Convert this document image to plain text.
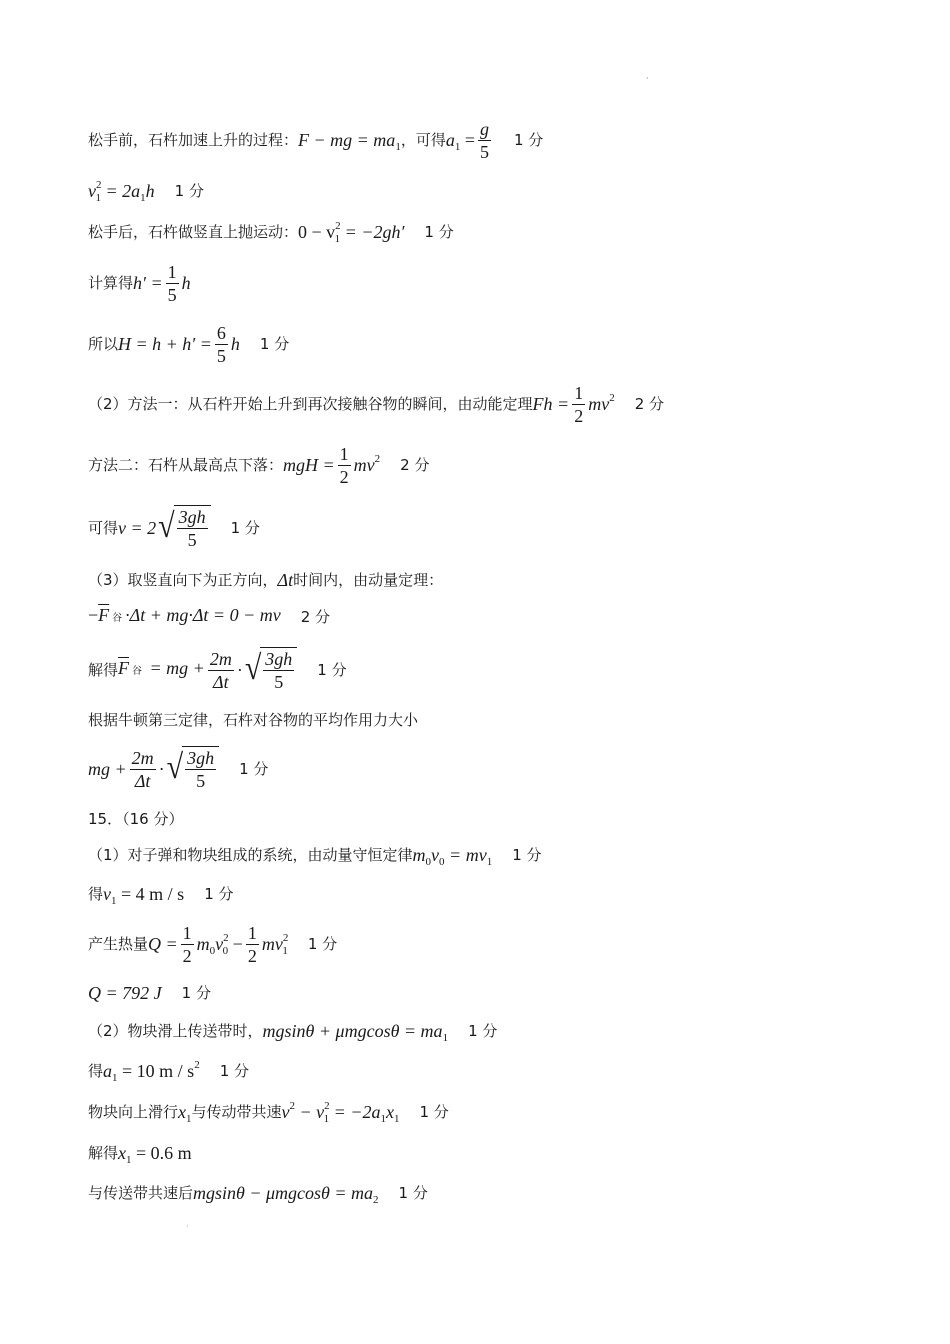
·
松手前，石杵加速上升的过程： F − mg = $ma_1$ ，可得 $a_1 = \frac{g}{5} 1$ 分
$v^2_1 = 2a_1h$ 1 分
松手后，石杵做竖直上抛运动： $0 - v^2_1 = -2gh'$ 1 分
计算得 $h' = \frac{1}{5}$ h
所以 $H = h + h' = \frac{6}{5}$ h 1 分
（2）方法一：从石杵开始上升到再次接触谷物的瞬间，由动能定理 $Fh = \frac{1}{2} mv^2$ 2 分
方法二：石杵从最高点下落： mgH = $\frac{1}{2} mv^2$ 2 分
可得 v = 2 √ $\frac{3gh}{5} 1$ 分
（3）取竖直向下为正方向， Δt 时间内，由动量定理：
$-\overline{F}$ 谷 ·Δt + mg·Δt = 0 − mv 2 分
解得 $\overline{F}$ 谷 = mg + $\frac{2m}{\Delta t}$ · √ $\frac{3gh}{5} 1$ 分
根据牛顿第三定律，石杵对谷物的平均作用力大小
mg + $\frac{2m}{\Delta t}$ · √ $\frac{3gh}{5} 1$ 分
15．（16 分）
（1）对子弹和物块组成的系统，由动量守恒定律 $m_0v_0 = mv_1$ 1 分
得 $v_1 = 4$ m / s 1 分
产生热量 $Q = \frac{1}{2} m_0v^2_0 - \frac{1}{2} mv^2_1$ 1 分
Q = 792 J 1 分
（2）物块滑上传送带时， $mgsin\theta + \mu mgcos\theta = ma_1$ 1 分
得 $a_1 = 10$ m / $s^2$ 1 分
物块向上滑行 $x_1$ 与传动带共速 $v^2 - v^2_1 = -2a_1x_1$ 1 分
解得 $x_1 = 0.6$ m
与传送带共速后 $mgsin\theta - \mu mgcos\theta = ma_2$ 1 分
·
